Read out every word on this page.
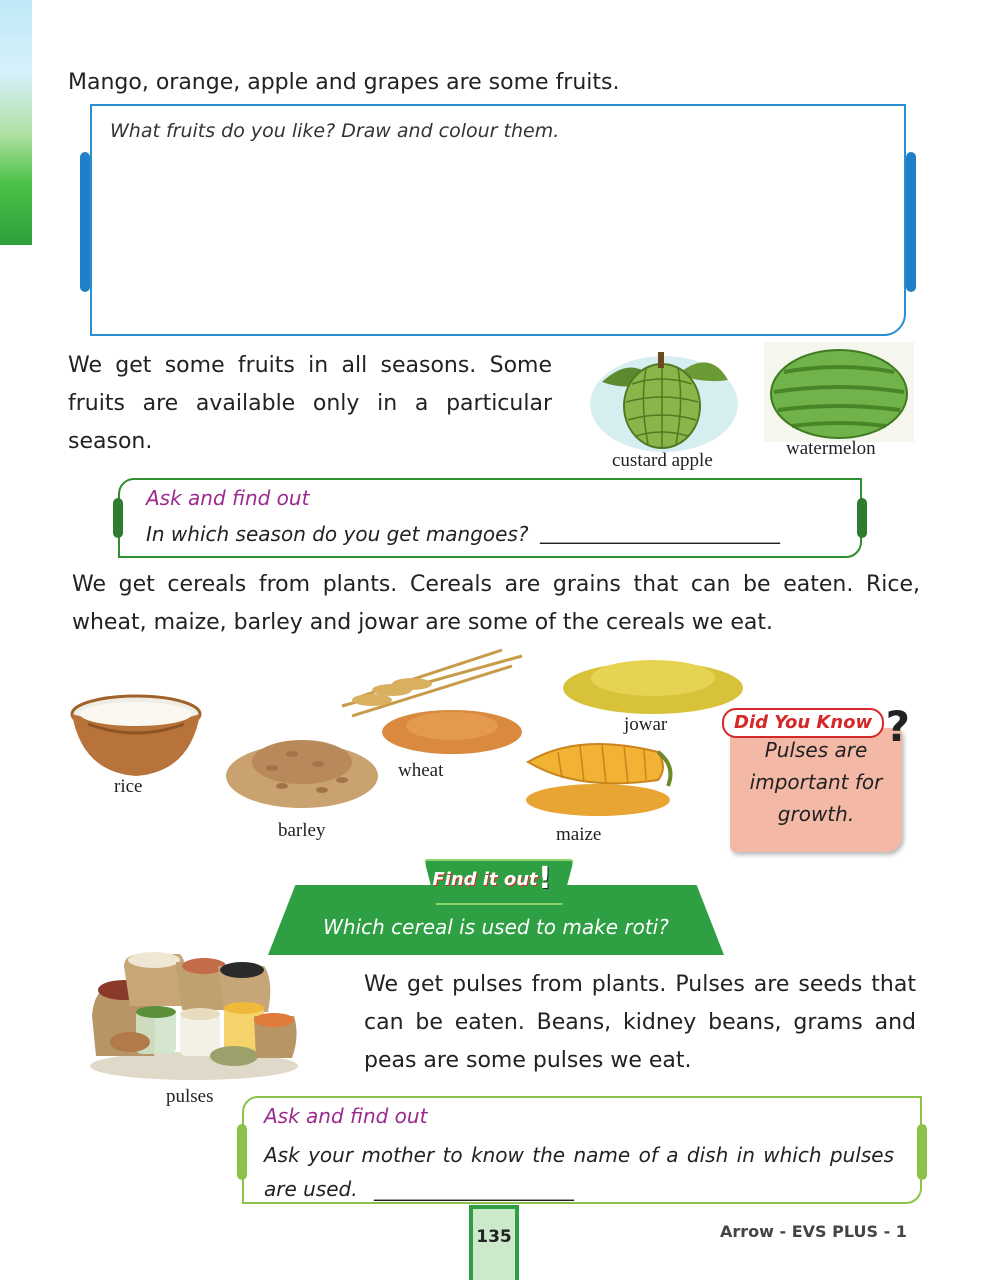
Mango, orange, apple and grapes are some fruits.
What fruits do you like? Draw and colour them.
We get some fruits in all seasons. Some fruits are available only in a particular season.
custard apple
watermelon
Ask and find out
In which season do you get mangoes? ________________________
We get cereals from plants. Cereals are grains that can be eaten. Rice, wheat, maize, barley and jowar are some of the cereals we eat.
rice
barley
wheat
jowar
maize
Did You Know ?
Pulses are important for growth.
Find it out !
Which cereal is used to make roti?
pulses
We get pulses from plants. Pulses are seeds that can be eaten. Beans, kidney beans, grams and peas are some pulses we eat.
Ask and find out
Ask your mother to know the name of a dish in which pulses are used. ____________________
135	Arrow - EVS PLUS - 1
